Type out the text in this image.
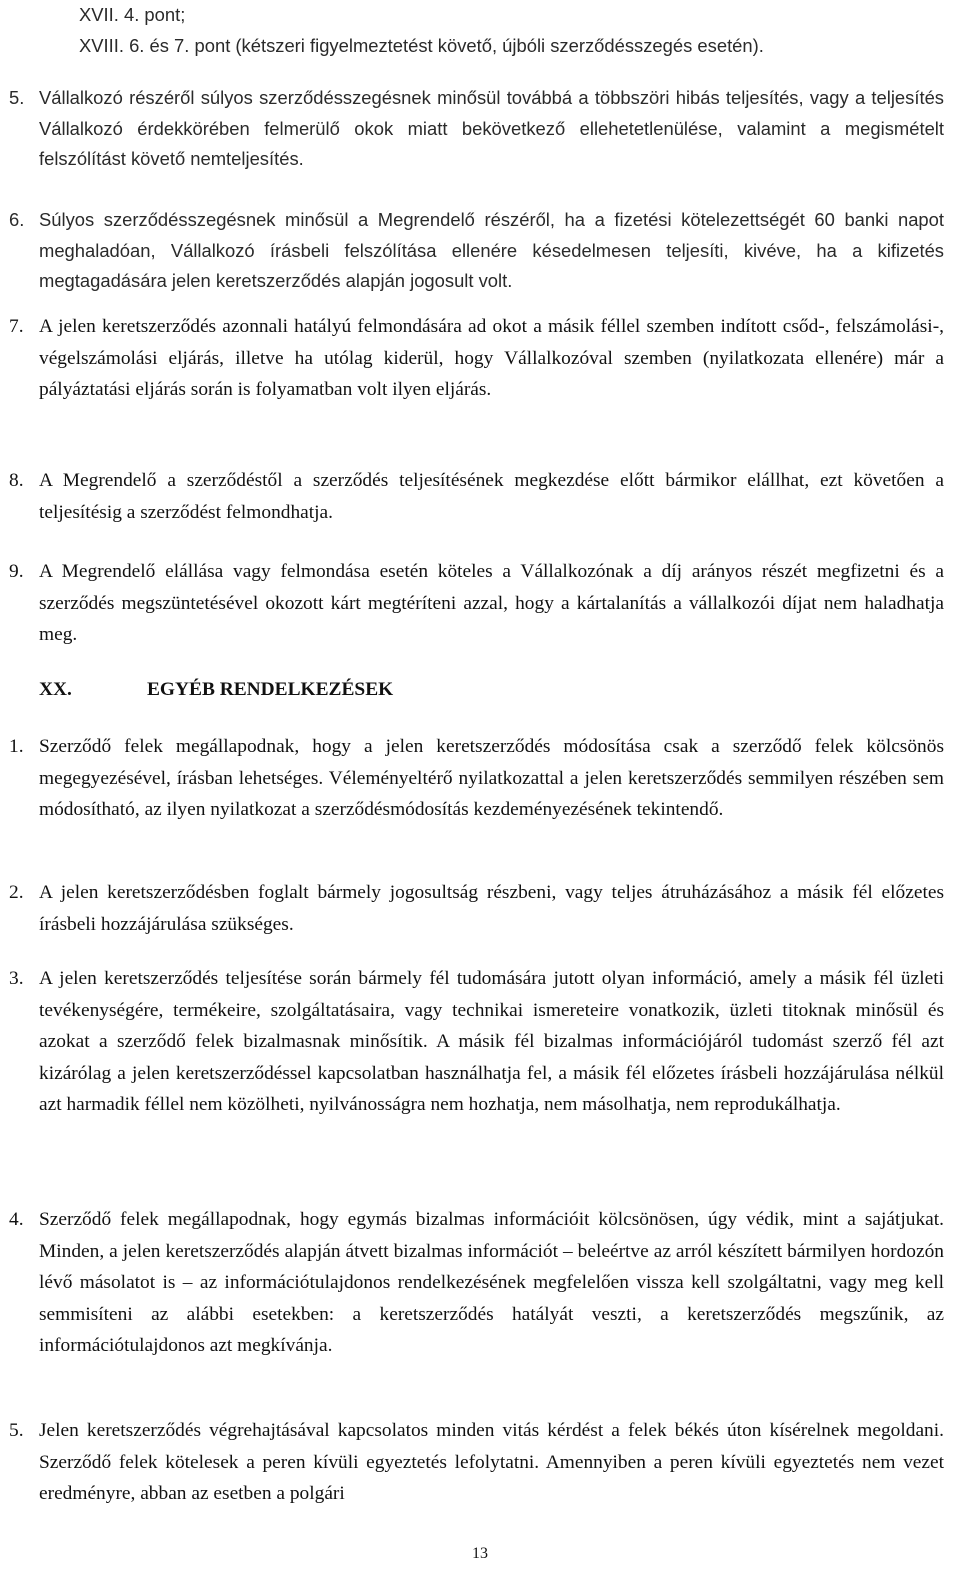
XVII. 4. pont;
XVIII. 6. és 7. pont (kétszeri figyelmeztetést követő, újbóli szerződésszegés esetén).
5. Vállalkozó részéről súlyos szerződésszegésnek minősül továbbá a többszöri hibás teljesítés, vagy a teljesítés Vállalkozó érdekkörében felmerülő okok miatt bekövetkező ellehetetlenülése, valamint a megismételt felszólítást követő nemteljesítés.
6. Súlyos szerződésszegésnek minősül a Megrendelő részéről, ha a fizetési kötelezettségét 60 banki napot meghaladóan, Vállalkozó írásbeli felszólítása ellenére késedelmesen teljesíti, kivéve, ha a kifizetés megtagadására jelen keretszerződés alapján jogosult volt.
7. A jelen keretszerződés azonnali hatályú felmondására ad okot a másik féllel szemben indított csőd-, felszámolási-, végelszámolási eljárás, illetve ha utólag kiderül, hogy Vállalkozóval szemben (nyilatkozata ellenére) már a pályáztatási eljárás során is folyamatban volt ilyen eljárás.
8. A Megrendelő a szerződéstől a szerződés teljesítésének megkezdése előtt bármikor elállhat, ezt követően a teljesítésig a szerződést felmondhatja.
9. A Megrendelő elállása vagy felmondása esetén köteles a Vállalkozónak a díj arányos részét megfizetni és a szerződés megszüntetésével okozott kárt megtéríteni azzal, hogy a kártalanítás a vállalkozói díjat nem haladhatja meg.
XX.	EGYÉB RENDELKEZÉSEK
1. Szerződő felek megállapodnak, hogy a jelen keretszerződés módosítása csak a szerződő felek kölcsönös megegyezésével, írásban lehetséges. Véleményeltérő nyilatkozattal a jelen keretszerződés semmilyen részében sem módosítható, az ilyen nyilatkozat a szerződésmódosítás kezdeményezésének tekintendő.
2. A jelen keretszerződésben foglalt bármely jogosultság részbeni, vagy teljes átruházásához a másik fél előzetes írásbeli hozzájárulása szükséges.
3. A jelen keretszerződés teljesítése során bármely fél tudomására jutott olyan információ, amely a másik fél üzleti tevékenységére, termékeire, szolgáltatásaira, vagy technikai ismereteire vonatkozik, üzleti titoknak minősül és azokat a szerződő felek bizalmasnak minősítik. A másik fél bizalmas információjáról tudomást szerző fél azt kizárólag a jelen keretszerződéssel kapcsolatban használhatja fel, a másik fél előzetes írásbeli hozzájárulása nélkül azt harmadik féllel nem közölheti, nyilvánosságra nem hozhatja, nem másolhatja, nem reprodukálhatja.
4. Szerződő felek megállapodnak, hogy egymás bizalmas információit kölcsönösen, úgy védik, mint a sajátjukat. Minden, a jelen keretszerződés alapján átvett bizalmas információt – beleértve az arról készített bármilyen hordozón lévő másolatot is – az információtulajdonos rendelkezésének megfelelően vissza kell szolgáltatni, vagy meg kell semmisíteni az alábbi esetekben: a keretszerződés hatályát veszti, a keretszerződés megszűnik, az információtulajdonos azt megkívánja.
5. Jelen keretszerződés végrehajtásával kapcsolatos minden vitás kérdést a felek békés úton kísérelnek megoldani. Szerződő felek kötelesek a peren kívüli egyeztetés lefolytatni. Amennyiben a peren kívüli egyeztetés nem vezet eredményre, abban az esetben a polgári
13
